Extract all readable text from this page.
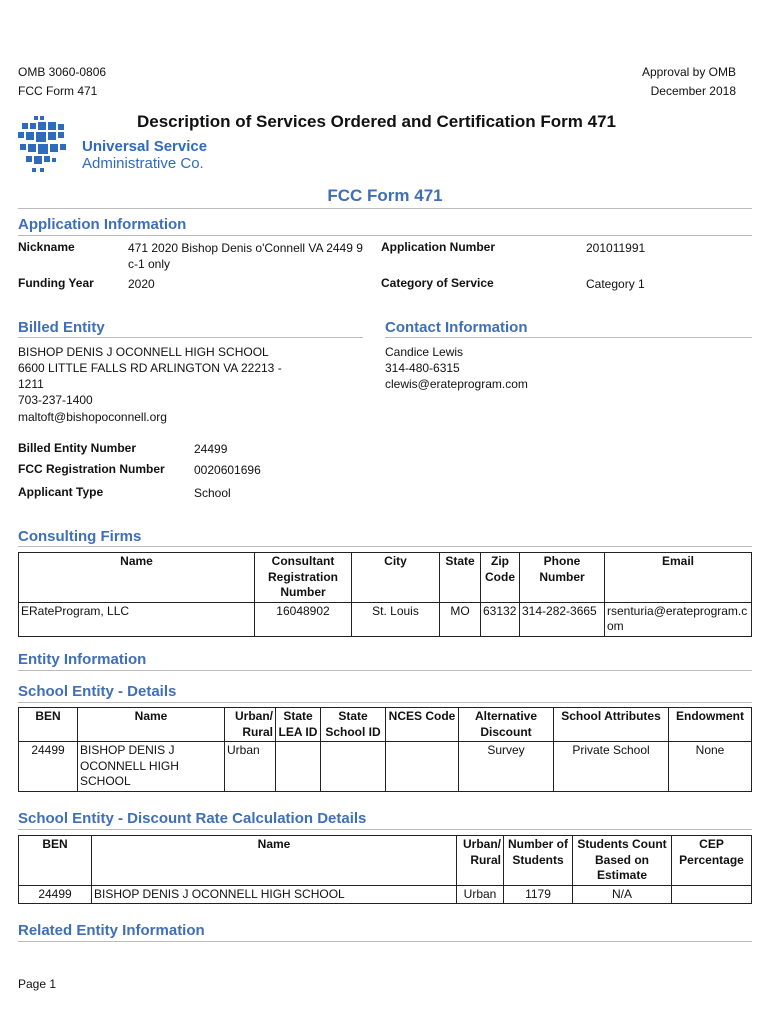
OMB 3060-0806
FCC Form 471
Approval by OMB
December 2018
Description of Services Ordered and Certification Form 471
Universal Service
Administrative Co.
FCC Form 471
Application Information
Nickname	471 2020 Bishop Denis o'Connell VA 2449 9 c-1 only
Funding Year	2020
Application Number	201011991
Category of Service	Category 1
Billed Entity
BISHOP DENIS J OCONNELL HIGH SCHOOL
6600 LITTLE FALLS RD ARLINGTON VA 22213 -
1211
703-237-1400
maltoft@bishopoconnell.org
Contact Information
Candice Lewis
314-480-6315
clewis@erateprogram.com
Billed Entity Number	24499
FCC Registration Number 0020601696
Applicant Type	School
Consulting Firms
Name	Consultant Registration Number	City	State	Zip Code	Phone Number	Email
ERateProgram, LLC	16048902	St. Louis	MO	63132	314-282-3665	rsenturia@erateprogram.com
Entity Information
School Entity - Details
BEN	Name	Urban/ Rural	State LEA ID	State School ID	NCES Code	Alternative Discount	School Attributes	Endowment
24499	BISHOP DENIS J OCONNELL HIGH SCHOOL	Urban				Survey	Private School	None
School Entity - Discount Rate Calculation Details
BEN	Name	Urban/ Rural	Number of Students	Students Count Based on Estimate	CEP Percentage
24499	BISHOP DENIS J OCONNELL HIGH SCHOOL	Urban	1179	N/A	
Related Entity Information
Page 1
